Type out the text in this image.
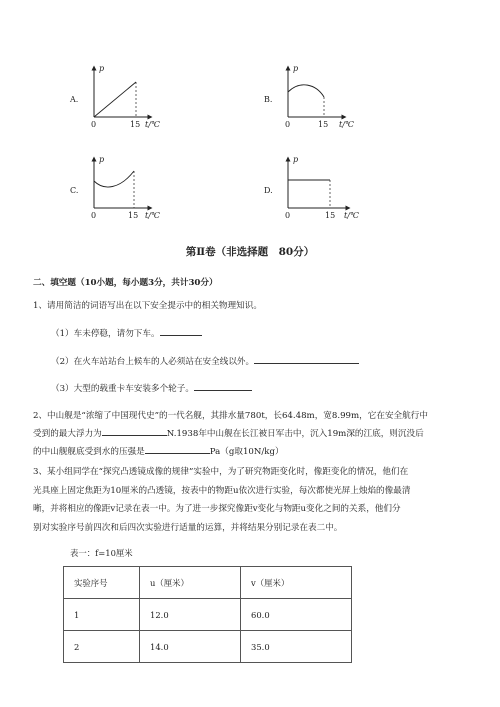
A.
p
0	15 t/℃
B.
p
0	15 t/℃
C.
p
0	15 t/℃
D.
p
0	15 t/℃
第Ⅱ卷（非选择题　80分）
二、填空题（10小题，每小题3分，共计30分）
1、请用简洁的词语写出在以下安全提示中的相关物理知识。
（1）车未停稳，请勿下车。
（2）在火车站站台上候车的人必须站在安全线以外。
（3）大型的载重卡车安装多个轮子。
2、中山舰是“浓缩了中国现代史”的一代名舰，其排水量780t，长64.48m，宽8.99m，它在安全航行中
受到的最大浮力为	N.1938年中山舰在长江被日军击中，沉入19m深的江底，则沉没后
的中山舰舰底受到水的压强是	Pa（g取10N/kg）
3、某小组同学在“探究凸透镜成像的规律”实验中，为了研究物距变化时，像距变化的情况，他们在
光具座上固定焦距为10厘米的凸透镜，按表中的物距u依次进行实验，每次都使光屏上烛焰的像最清
晰，并将相应的像距v记录在表一中。为了进一步探究像距v变化与物距u变化之间的关系，他们分
别对实验序号前四次和后四次实验进行适量的运算，并将结果分别记录在表二中。
表一：f=10厘米
实验序号	u（厘米）	v（厘米）
1	12.0	60.0
2	14.0	35.0
